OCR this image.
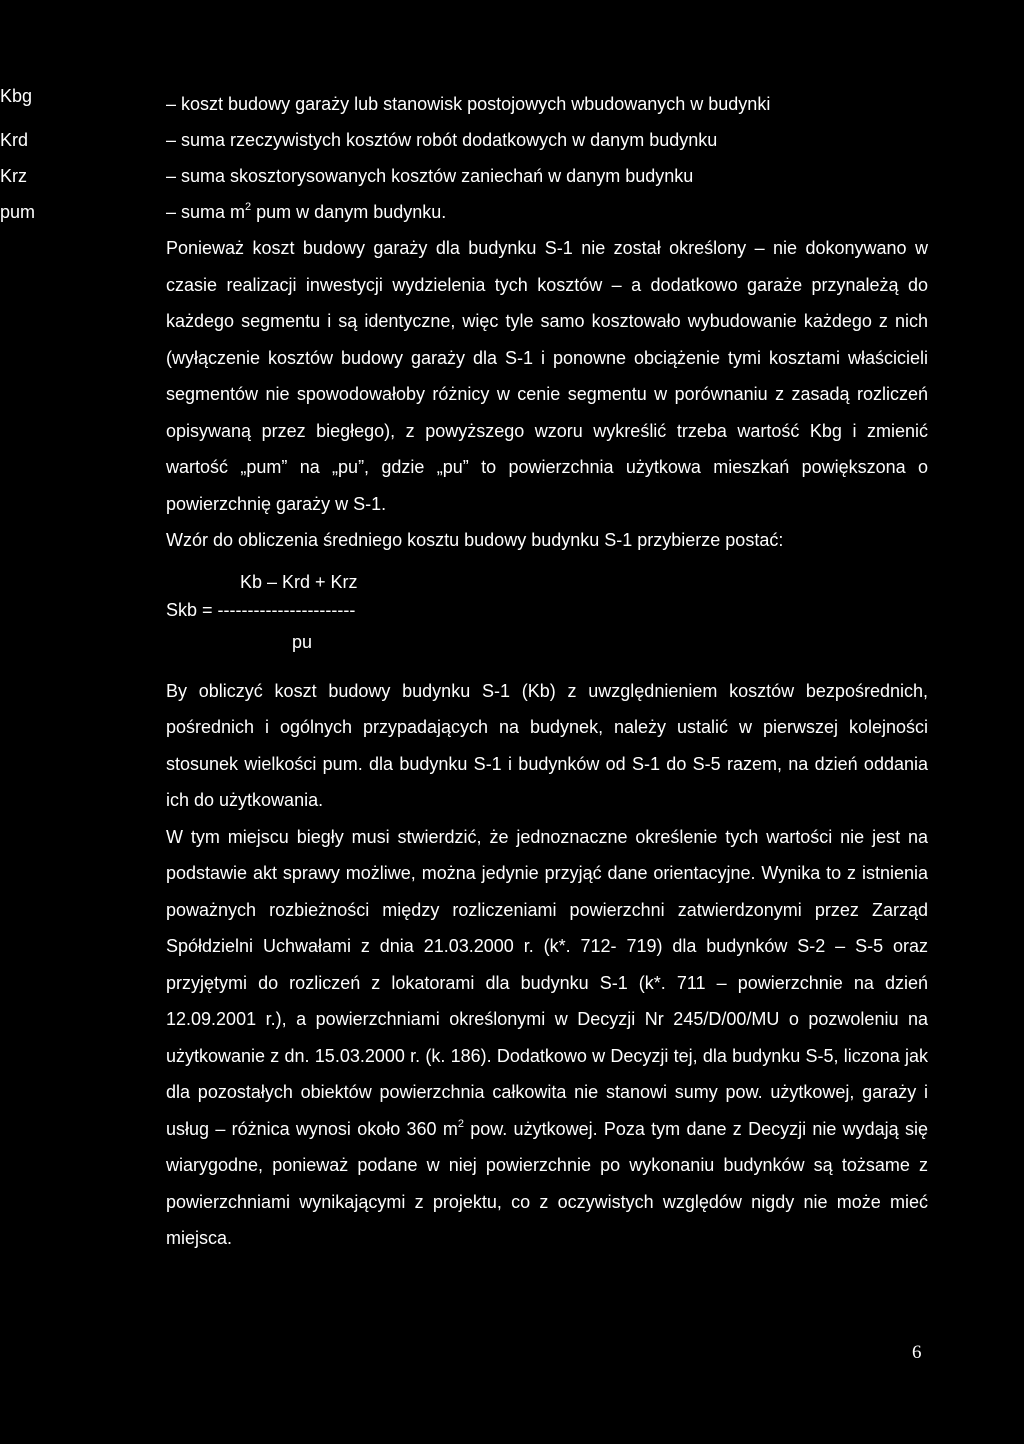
Kbg	– koszt budowy garaży lub stanowisk postojowych wbudowanych w budynki

Krd	– suma rzeczywistych kosztów robót dodatkowych w danym budynku

Krz	– suma skosztorysowanych kosztów zaniechań w danym budynku

pum	– suma $m^2$ pum w danym budynku.

Ponieważ koszt budowy garaży dla budynku S-1 nie został określony – nie dokonywano w czasie realizacji inwestycji wydzielenia tych kosztów – a dodatkowo garaże przynależą do każdego segmentu i są identyczne, więc tyle samo kosztowało wybudowanie każdego z nich (wyłączenie kosztów budowy garaży dla S-1 i ponowne obciążenie tymi kosztami właścicieli segmentów nie spowodowałoby różnicy w cenie segmentu w porównaniu z zasadą rozliczeń opisywaną przez biegłego), z powyższego wzoru wykreślić trzeba wartość Kbg i zmienić wartość „pum” na „pu”, gdzie „pu” to powierzchnia użytkowa mieszkań powiększona o powierzchnię garaży w S-1.

Wzór do obliczenia średniego kosztu budowy budynku S-1 przybierze postać:

Kb – Krd + Krz
Skb = -----------------------
pu

By obliczyć koszt budowy budynku S-1 (Kb) z uwzględnieniem kosztów bezpośrednich, pośrednich i ogólnych przypadających na budynek, należy ustalić w pierwszej kolejności stosunek wielkości pum. dla budynku S-1 i budynków od S-1 do S-5 razem, na dzień oddania ich do użytkowania.

W tym miejscu biegły musi stwierdzić, że jednoznaczne określenie tych wartości nie jest na podstawie akt sprawy możliwe, można jedynie przyjąć dane orientacyjne. Wynika to z istnienia poważnych rozbieżności między rozliczeniami powierzchni zatwierdzonymi przez Zarząd Spółdzielni Uchwałami z dnia 21.03.2000 r. (k*. 712- 719) dla budynków S-2 – S-5 oraz przyjętymi do rozliczeń z lokatorami dla budynku S-1 (k*. 711 – powierzchnie na dzień 12.09.2001 r.), a powierzchniami określonymi w Decyzji Nr 245/D/00/MU o pozwoleniu na użytkowanie z dn. 15.03.2000 r. (k. 186). Dodatkowo w Decyzji tej, dla budynku S-5, liczona jak dla pozostałych obiektów powierzchnia całkowita nie stanowi sumy pow. użytkowej, garaży i usług – różnica wynosi około 360 $m^2$ pow. użytkowej. Poza tym dane z Decyzji nie wydają się wiarygodne, ponieważ podane w niej powierzchnie po wykonaniu budynków są tożsame z powierzchniami wynikającymi z projektu, co z oczywistych względów nigdy nie może mieć miejsca.

6
